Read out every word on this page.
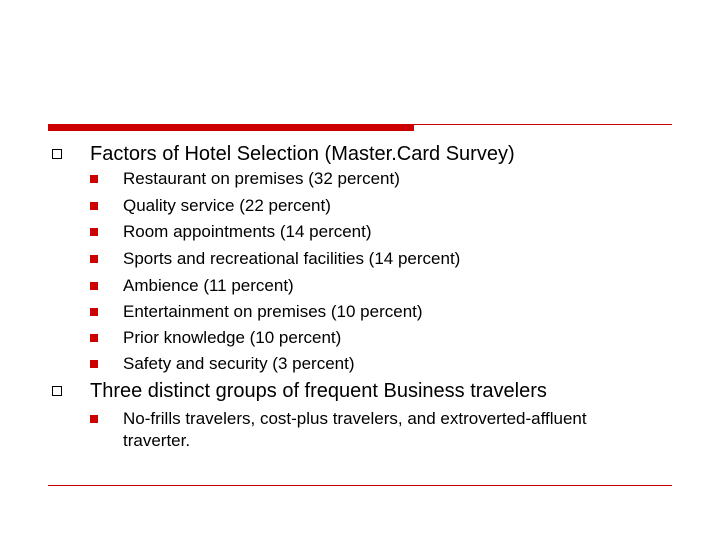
Factors of Hotel Selection (Master.Card Survey)
Restaurant on premises (32 percent)
Quality service (22 percent)
Room appointments (14 percent)
Sports and recreational facilities (14 percent)
Ambience (11 percent)
Entertainment on premises (10 percent)
Prior knowledge (10 percent)
Safety and security (3 percent)
Three distinct groups of frequent Business travelers
No-frills travelers, cost-plus travelers, and extroverted-affluent
traverter.
